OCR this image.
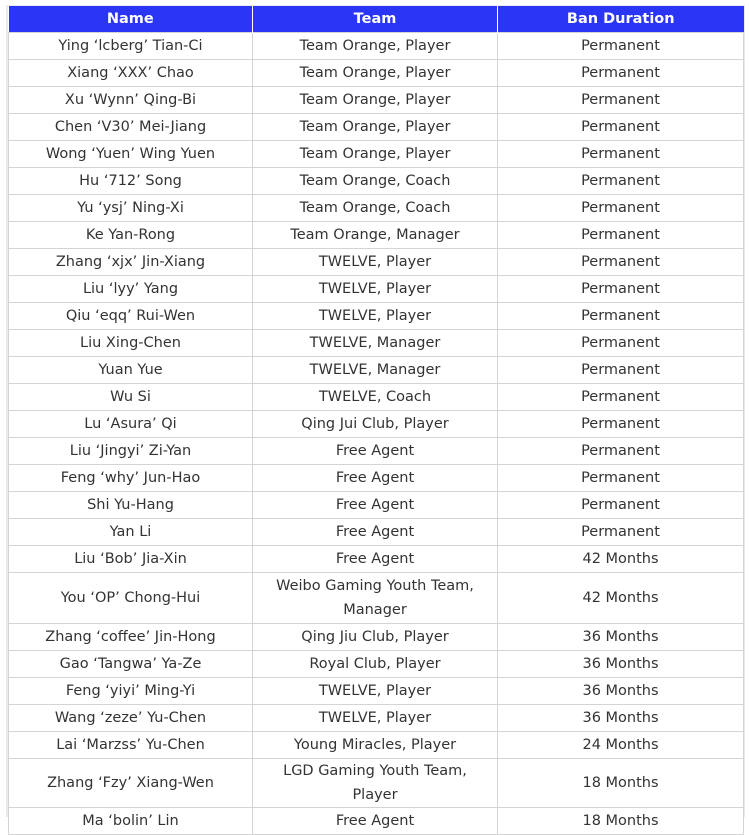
Name	Team	Ban Duration
Ying ‘lcberg’ Tian-Ci	Team Orange, Player	Permanent
Xiang ‘XXX’ Chao	Team Orange, Player	Permanent
Xu ‘Wynn’ Qing-Bi	Team Orange, Player	Permanent
Chen ‘V30’ Mei-Jiang	Team Orange, Player	Permanent
Wong ‘Yuen’ Wing Yuen	Team Orange, Player	Permanent
Hu ‘712’ Song	Team Orange, Coach	Permanent
Yu ‘ysj’ Ning-Xi	Team Orange, Coach	Permanent
Ke Yan-Rong	Team Orange, Manager	Permanent
Zhang ‘xjx’ Jin-Xiang	TWELVE, Player	Permanent
Liu ‘lyy’ Yang	TWELVE, Player	Permanent
Qiu ‘eqq’ Rui-Wen	TWELVE, Player	Permanent
Liu Xing-Chen	TWELVE, Manager	Permanent
Yuan Yue	TWELVE, Manager	Permanent
Wu Si	TWELVE, Coach	Permanent
Lu ‘Asura’ Qi	Qing Jui Club, Player	Permanent
Liu ‘Jingyi’ Zi-Yan	Free Agent	Permanent
Feng ‘why’ Jun-Hao	Free Agent	Permanent
Shi Yu-Hang	Free Agent	Permanent
Yan Li	Free Agent	Permanent
Liu ‘Bob’ Jia-Xin	Free Agent	42 Months
You ‘OP’ Chong-Hui	Weibo Gaming Youth Team, Manager	42 Months
Zhang ‘coffee’ Jin-Hong	Qing Jiu Club, Player	36 Months
Gao ‘Tangwa’ Ya-Ze	Royal Club, Player	36 Months
Feng ‘yiyi’ Ming-Yi	TWELVE, Player	36 Months
Wang ‘zeze’ Yu-Chen	TWELVE, Player	36 Months
Lai ‘Marzss’ Yu-Chen	Young Miracles, Player	24 Months
Zhang ‘Fzy’ Xiang-Wen	LGD Gaming Youth Team, Player	18 Months
Ma ‘bolin’ Lin	Free Agent	18 Months
